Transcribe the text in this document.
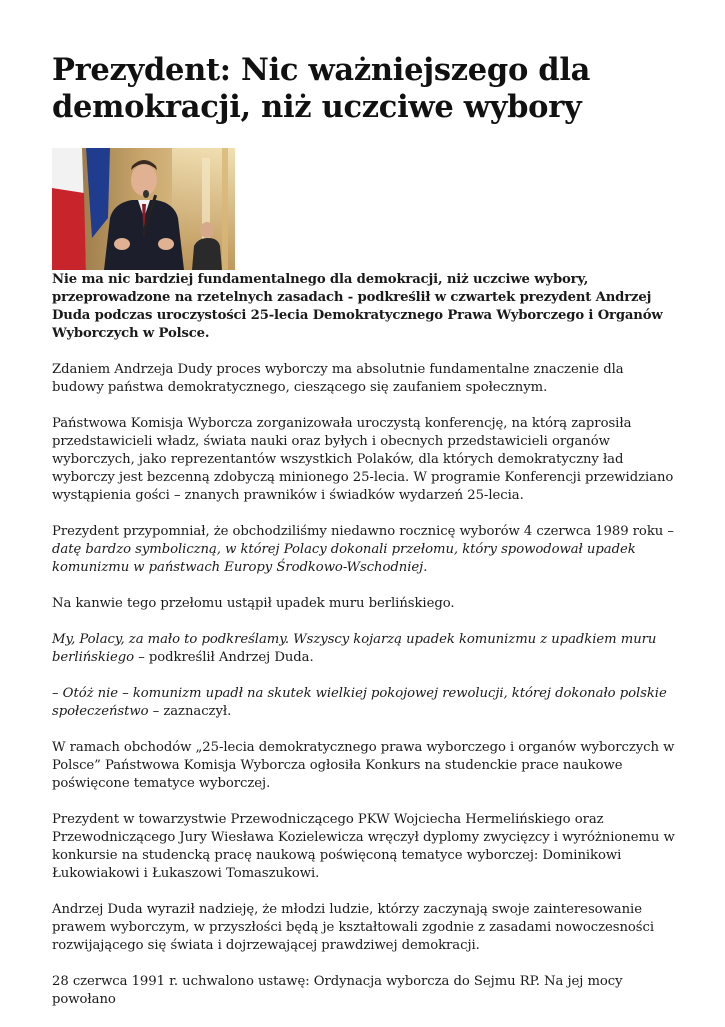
Prezydent: Nic ważniejszego dla demokracji, niż uczciwe wybory

Nie ma nic bardziej fundamentalnego dla demokracji, niż uczciwe wybory, przeprowadzone na rzetelnych zasadach - podkreślił w czwartek prezydent Andrzej Duda podczas uroczystości 25-lecia Demokratycznego Prawa Wyborczego i Organów Wyborczych w Polsce.

Zdaniem Andrzeja Dudy proces wyborczy ma absolutnie fundamentalne znaczenie dla budowy państwa demokratycznego, cieszącego się zaufaniem społecznym.

Państwowa Komisja Wyborcza zorganizowała uroczystą konferencję, na którą zaprosiła przedstawicieli władz, świata nauki oraz byłych i obecnych przedstawicieli organów wyborczych, jako reprezentantów wszystkich Polaków, dla których demokratyczny ład wyborczy jest bezcenną zdobyczą minionego 25-lecia. W programie Konferencji przewidziano wystąpienia gości – znanych prawników i świadków wydarzeń 25-lecia.

Prezydent przypomniał, że obchodziliśmy niedawno rocznicę wyborów 4 czerwca 1989 roku – datę bardzo symboliczną, w której Polacy dokonali przełomu, który spowodował upadek komunizmu w państwach Europy Środkowo-Wschodniej.

Na kanwie tego przełomu ustąpił upadek muru berlińskiego.

My, Polacy, za mało to podkreślamy. Wszyscy kojarzą upadek komunizmu z upadkiem muru berlińskiego – podkreślił Andrzej Duda.

– Otóż nie – komunizm upadł na skutek wielkiej pokojowej rewolucji, której dokonało polskie społeczeństwo – zaznaczył.

W ramach obchodów „25-lecia demokratycznego prawa wyborczego i organów wyborczych w Polsce” Państwowa Komisja Wyborcza ogłosiła Konkurs na studenckie prace naukowe poświęcone tematyce wyborczej.

Prezydent w towarzystwie Przewodniczącego PKW Wojciecha Hermelińskiego oraz Przewodniczącego Jury Wiesława Kozielewicza wręczył dyplomy zwycięzcy i wyróżnionemu w konkursie na studencką pracę naukową poświęconą tematyce wyborczej: Dominikowi Łukowiakowi i Łukaszowi Tomaszukowi.

Andrzej Duda wyraził nadzieję, że młodzi ludzie, którzy zaczynają swoje zainteresowanie prawem wyborczym, w przyszłości będą je kształtowali zgodnie z zasadami nowoczesności rozwijającego się świata i dojrzewającej prawdziwej demokracji.

28 czerwca 1991 r. uchwalono ustawę: Ordynacja wyborcza do Sejmu RP. Na jej mocy powołano
